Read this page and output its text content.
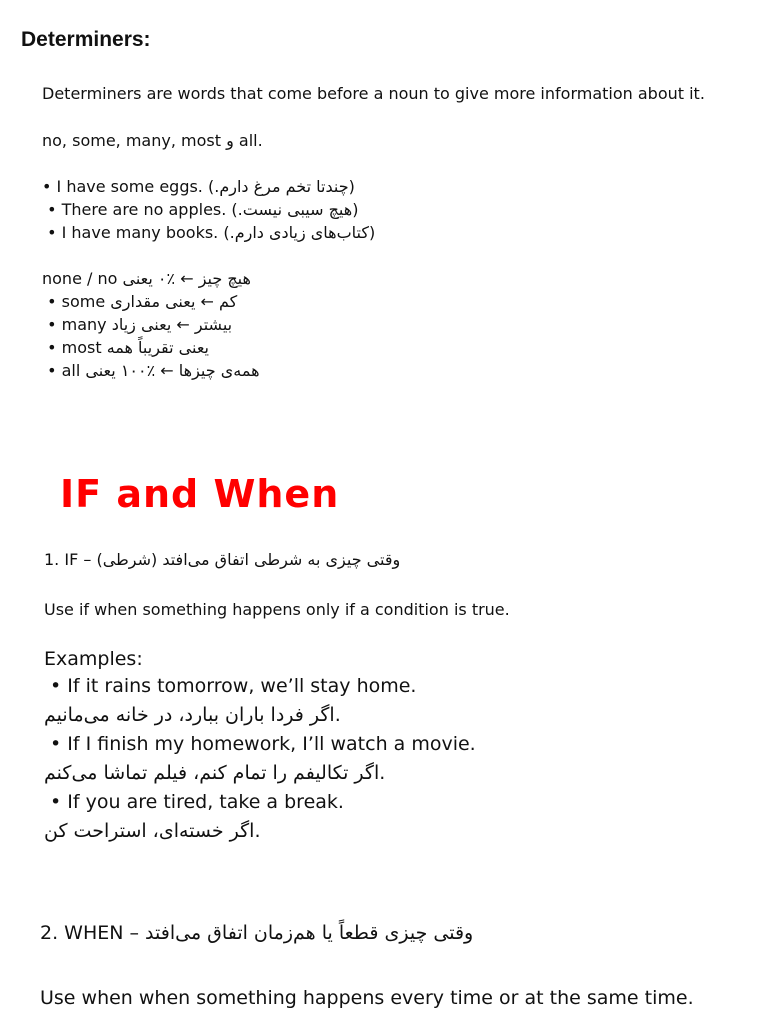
Determiners:

Determiners are words that come before a noun to give more information about it.

no, some, many, most و all.

• I have some eggs. (.چندتا تخم مرغ دارم)

• There are no apples. (.هیچ سیبی نیست)

• I have many books. (.کتاب‌های زیادی دارم)

none / no هیچ چیز ← ٪۰ یعنی

• some کم ← یعنی مقداری

• many بیشتر ← یعنی زیاد

• most یعنی تقریباً همه

• all همه‌ی چیزها ← ٪۱۰۰ یعنی

IF and When

1. IF – (شرطی) وقتی چیزی به شرطی اتفاق می‌افتد

Use if when something happens only if a condition is true.

Examples:

• If it rains tomorrow, we’ll stay home.

اگر فردا باران ببارد، در خانه می‌مانیم.

• If I finish my homework, I’ll watch a movie.

اگر تکالیفم را تمام کنم، فیلم تماشا می‌کنم.

• If you are tired, take a break.

اگر خسته‌ای، استراحت کن.

2. WHEN – وقتی چیزی قطعاً یا هم‌زمان اتفاق می‌افتد

Use when when something happens every time or at the same time.
